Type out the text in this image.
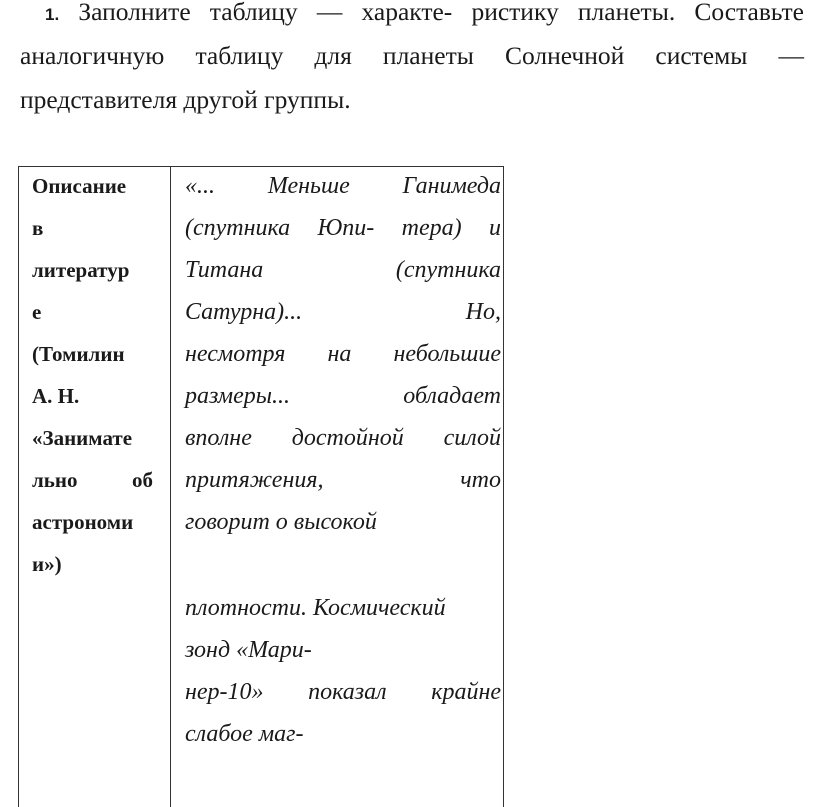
1. Заполните таблицу — характе- ристику планеты. Составьте
аналогичную таблицу для планеты Солнечной системы —
представителя другой группы.
Описание
в
литератур
е
(Томилин
А. Н.
«Занимате
льно об
астрономи
и»)
«... Меньше Ганимеда
(спутника Юпи- тера) и
Титана (спутника
Сатурна)... Но,
несмотря на небольшие
размеры... обладает
вполне достойной силой
притяжения, что
говорит о высокой
плотности. Космический
зонд «Мари-
нер-10» показал крайне
слабое маг-
